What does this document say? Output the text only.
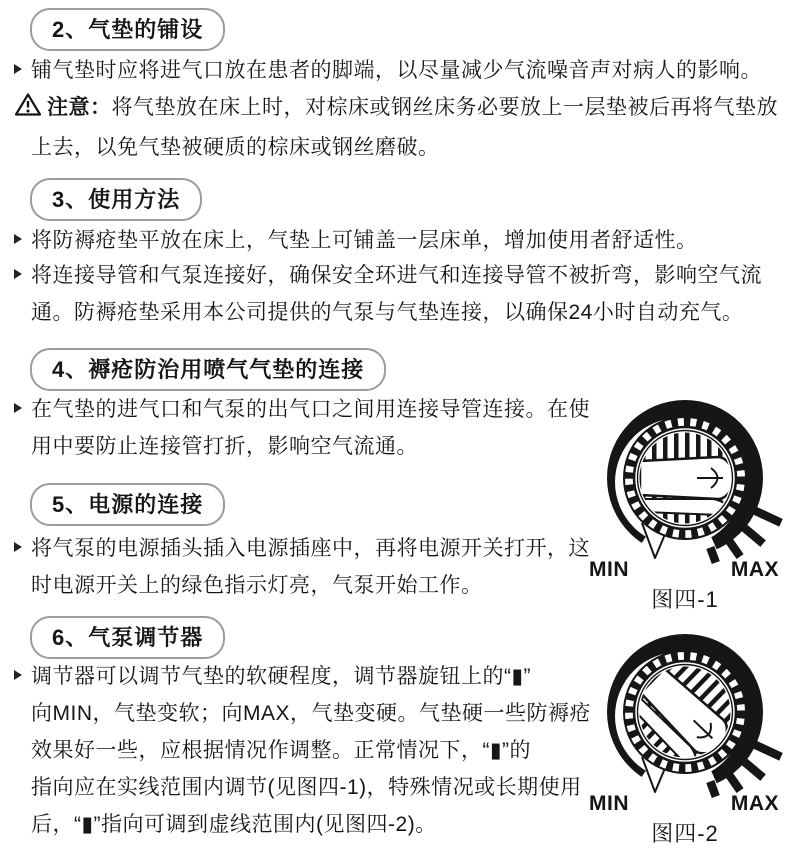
2、气垫的铺设
铺气垫时应将进气口放在患者的脚端，以尽量减少气流噪音声对病人的影响。
注意：将气垫放在床上时，对棕床或钢丝床务必要放上一层垫被后再将气垫放
上去，以免气垫被硬质的棕床或钢丝磨破。
3、使用方法
将防褥疮垫平放在床上，气垫上可铺盖一层床单，增加使用者舒适性。
将连接导管和气泵连接好，确保安全环进气和连接导管不被折弯，影响空气流
通。防褥疮垫采用本公司提供的气泵与气垫连接，以确保24小时自动充气。
4、褥疮防治用喷气气垫的连接
在气垫的进气口和气泵的出气口之间用连接导管连接。在使
用中要防止连接管打折，影响空气流通。
5、电源的连接
将气泵的电源插头插入电源插座中，再将电源开关打开，这
时电源开关上的绿色指示灯亮，气泵开始工作。
6、气泵调节器
调节器可以调节气垫的软硬程度，调节器旋钮上的“▮”
向MIN，气垫变软；向MAX，气垫变硬。气垫硬一些防褥疮
效果好一些，应根据情况作调整。正常情况下，“▮”的
指向应在实线范围内调节(见图四-1)，特殊情况或长期使用
后，“▮”指向可调到虚线范围内(见图四-2)。
MIN	MAX
图四-1
MIN	MAX
图四-2
